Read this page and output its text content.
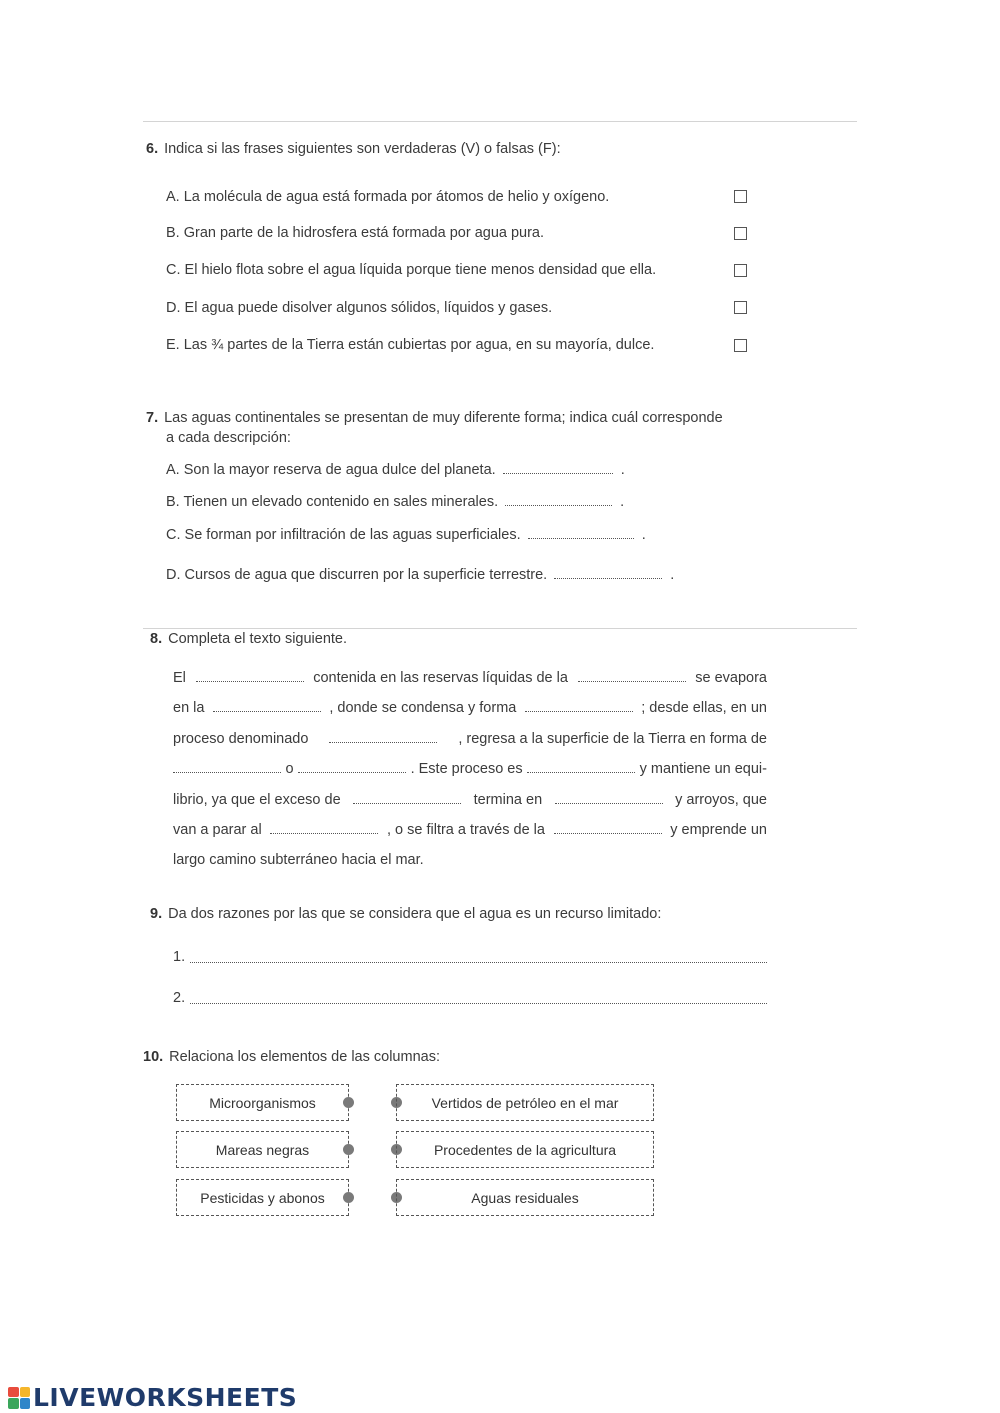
6. Indica si las frases siguientes son verdaderas (V) o falsas (F):
A. La molécula de agua está formada por átomos de helio y oxígeno.
B. Gran parte de la hidrosfera está formada por agua pura.
C. El hielo flota sobre el agua líquida porque tiene menos densidad que ella.
D. El agua puede disolver algunos sólidos, líquidos y gases.
E. Las ¾ partes de la Tierra están cubiertas por agua, en su mayoría, dulce.
7. Las aguas continentales se presentan de muy diferente forma; indica cuál corresponde
a cada descripción:
A. Son la mayor reserva de agua dulce del planeta.	.
B. Tienen un elevado contenido en sales minerales.	.
C. Se forman por infiltración de las aguas superficiales.	.
D. Cursos de agua que discurren por la superficie terrestre.	.
8. Completa el texto siguiente.
El	contenida en las reservas líquidas de la	se evapora
en la	, donde se condensa y forma	; desde ellas, en un
proceso denominado	, regresa a la superficie de la Tierra en forma de
o	. Este proceso es	y mantiene un equi-
librio, ya que el exceso de	termina en	y arroyos, que
van a parar al	, o se filtra a través de la	y emprende un
largo camino subterráneo hacia el mar.
9. Da dos razones por las que se considera que el agua es un recurso limitado:
1.
2.
10. Relaciona los elementos de las columnas:
Microorganismos	Vertidos de petróleo en el mar
Mareas negras	Procedentes de la agricultura
Pesticidas y abonos	Aguas residuales
LIVEWORKSHEETS
